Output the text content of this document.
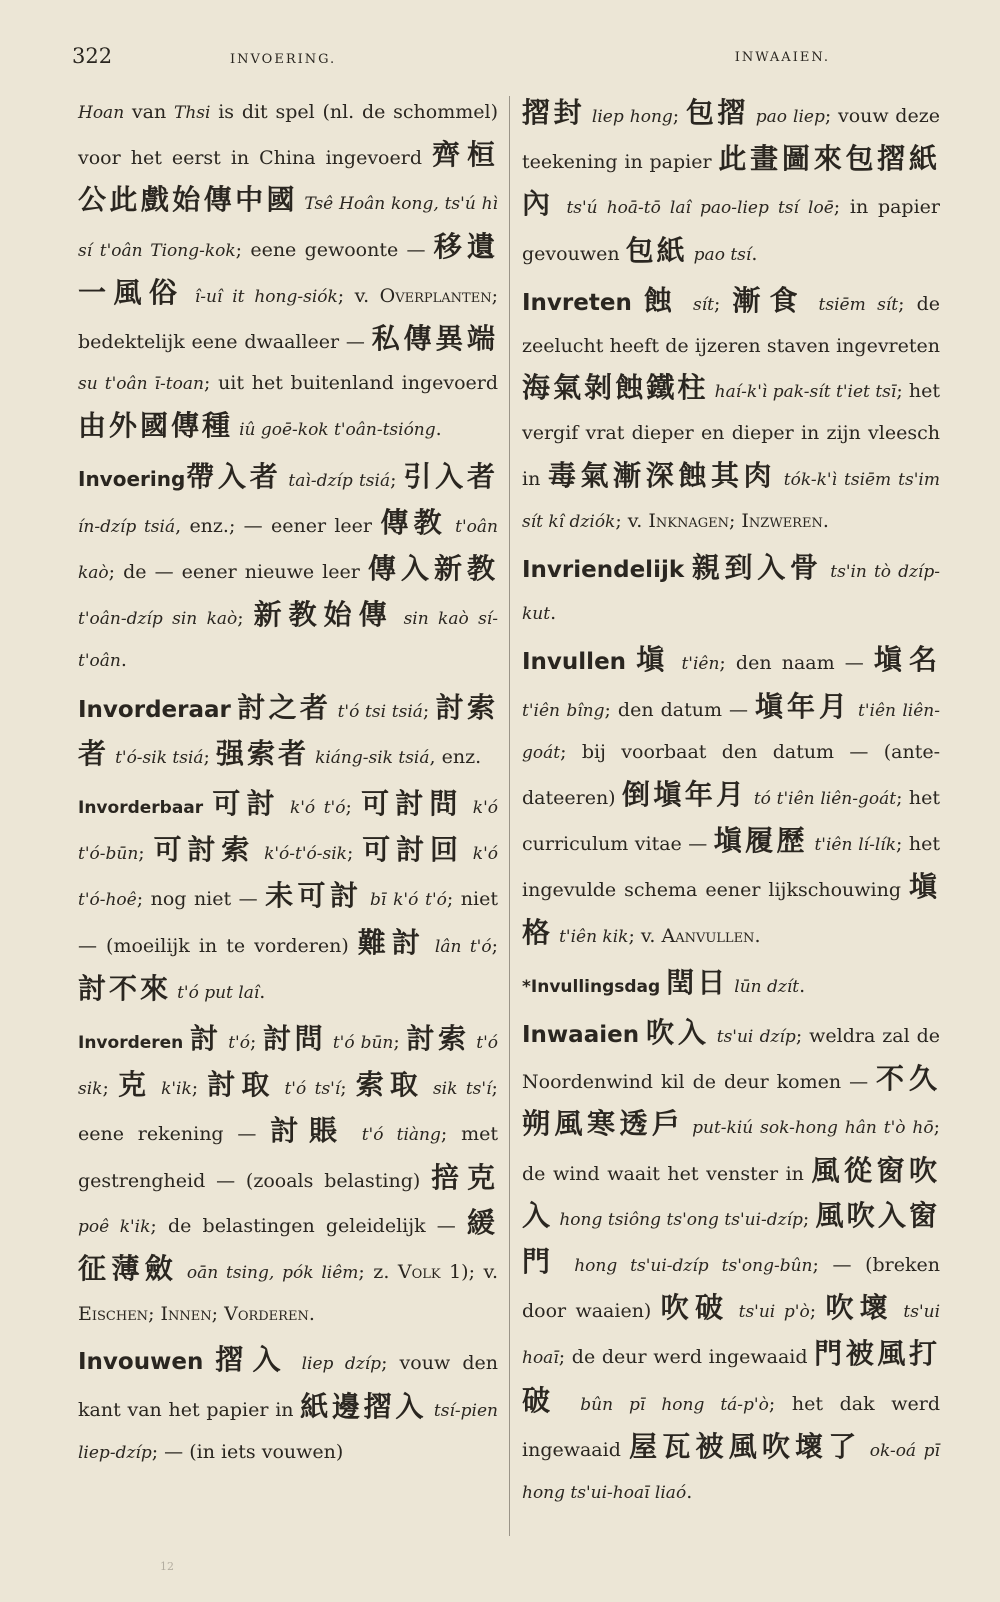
322	INVOERING.	INWAAIEN.

Hoan van Thsi is dit spel (nl. de schommel) voor het eerst in China ingevoerd 齊桓公此戲始傳中國 Tsê Hoân kong, ts'ú hì sí t'oân Tiong-kok; eene gewoonte — 移遺一風俗 î-uî it hong-siók; v. Overplanten; bedektelijk eene dwaalleer — 私傳異端 su t'oân ī-toan; uit het buitenland ingevoerd 由外國傳種 iû goē-kok t'oân-tsióng.

Invoering帶入者 taì-dzíp tsiá; 引入者 ín-dzíp tsiá, enz.; — eener leer 傳教 t'oân kaò; de — eener nieuwe leer 傳入新教 t'oân-dzíp sin kaò; 新教始傳 sin kaò sí-t'oân.

Invorderaar 討之者 t'ó tsi tsiá; 討索者 t'ó-sik tsiá; 强索者 kiáng-sik tsiá, enz.

Invorderbaar 可討 k'ó t'ó; 可討問 k'ó t'ó-būn; 可討索 k'ó-t'ó-sik; 可討回 k'ó t'ó-hoê; nog niet — 未可討 bī k'ó t'ó; niet — (moeilijk in te vorderen) 難討 lân t'ó; 討不來 t'ó put laî.

Invorderen 討 t'ó; 討問 t'ó būn; 討索 t'ó sik; 克 k'ik; 討取 t'ó ts'í; 索取 sik ts'í; eene rekening — 討賬 t'ó tiàng; met gestrengheid — (zooals belasting) 掊克 poê k'ik; de belastingen geleidelijk — 緩征薄斂 oān tsing, pók liêm; z. Volk 1); v. Eischen; Innen; Vorderen.

Invouwen 摺入 liep dzíp; vouw den kant van het papier in 紙邊摺入 tsí-pien liep-dzíp; — (in iets vouwen)

摺封 liep hong; 包摺 pao liep; vouw deze teekening in papier 此畫圖來包摺紙內 ts'ú hoā-tō laî pao-liep tsí loē; in papier gevouwen 包紙 pao tsí.

Invreten 蝕 sít; 漸食 tsiēm sít; de zeelucht heeft de ijzeren staven ingevreten 海氣剝蝕鐵柱 haí-k'ì pak-sít t'iet tsī; het vergif vrat dieper en dieper in zijn vleesch in 毒氣漸深蝕其肉 tók-k'ì tsiēm ts'im sít kî dziók; v. Inknagen; Inzweren.

Invriendelijk 親到入骨 ts'in tò dzíp-kut.

Invullen 塡 t'iên; den naam — 塡名 t'iên bîng; den datum — 塡年月 t'iên liên-goát; bij voorbaat den datum — (ante-dateeren) 倒塡年月 tó t'iên liên-goát; het curriculum vitae — 塡履歷 t'iên lí-lík; het ingevulde schema eener lijkschouwing 塡格 t'iên kik; v. Aanvullen.

*Invullingsdag 閏日 lūn dzít.

Inwaaien 吹入 ts'ui dzíp; weldra zal de Noordenwind kil de deur komen — 不久朔風寒透戶 put-kiú sok-hong hân t'ò hō; de wind waait het venster in 風從窗吹入 hong tsiông ts'ong ts'ui-dzíp; 風吹入窗門 hong ts'ui-dzíp ts'ong-bûn; — (breken door waaien) 吹破 ts'ui p'ò; 吹壞 ts'ui hoaī; de deur werd ingewaaid 門被風打破 bûn pī hong tá-p'ò; het dak werd ingewaaid 屋瓦被風吹壞了 ok-oá pī hong ts'ui-hoaī liaó.

12
